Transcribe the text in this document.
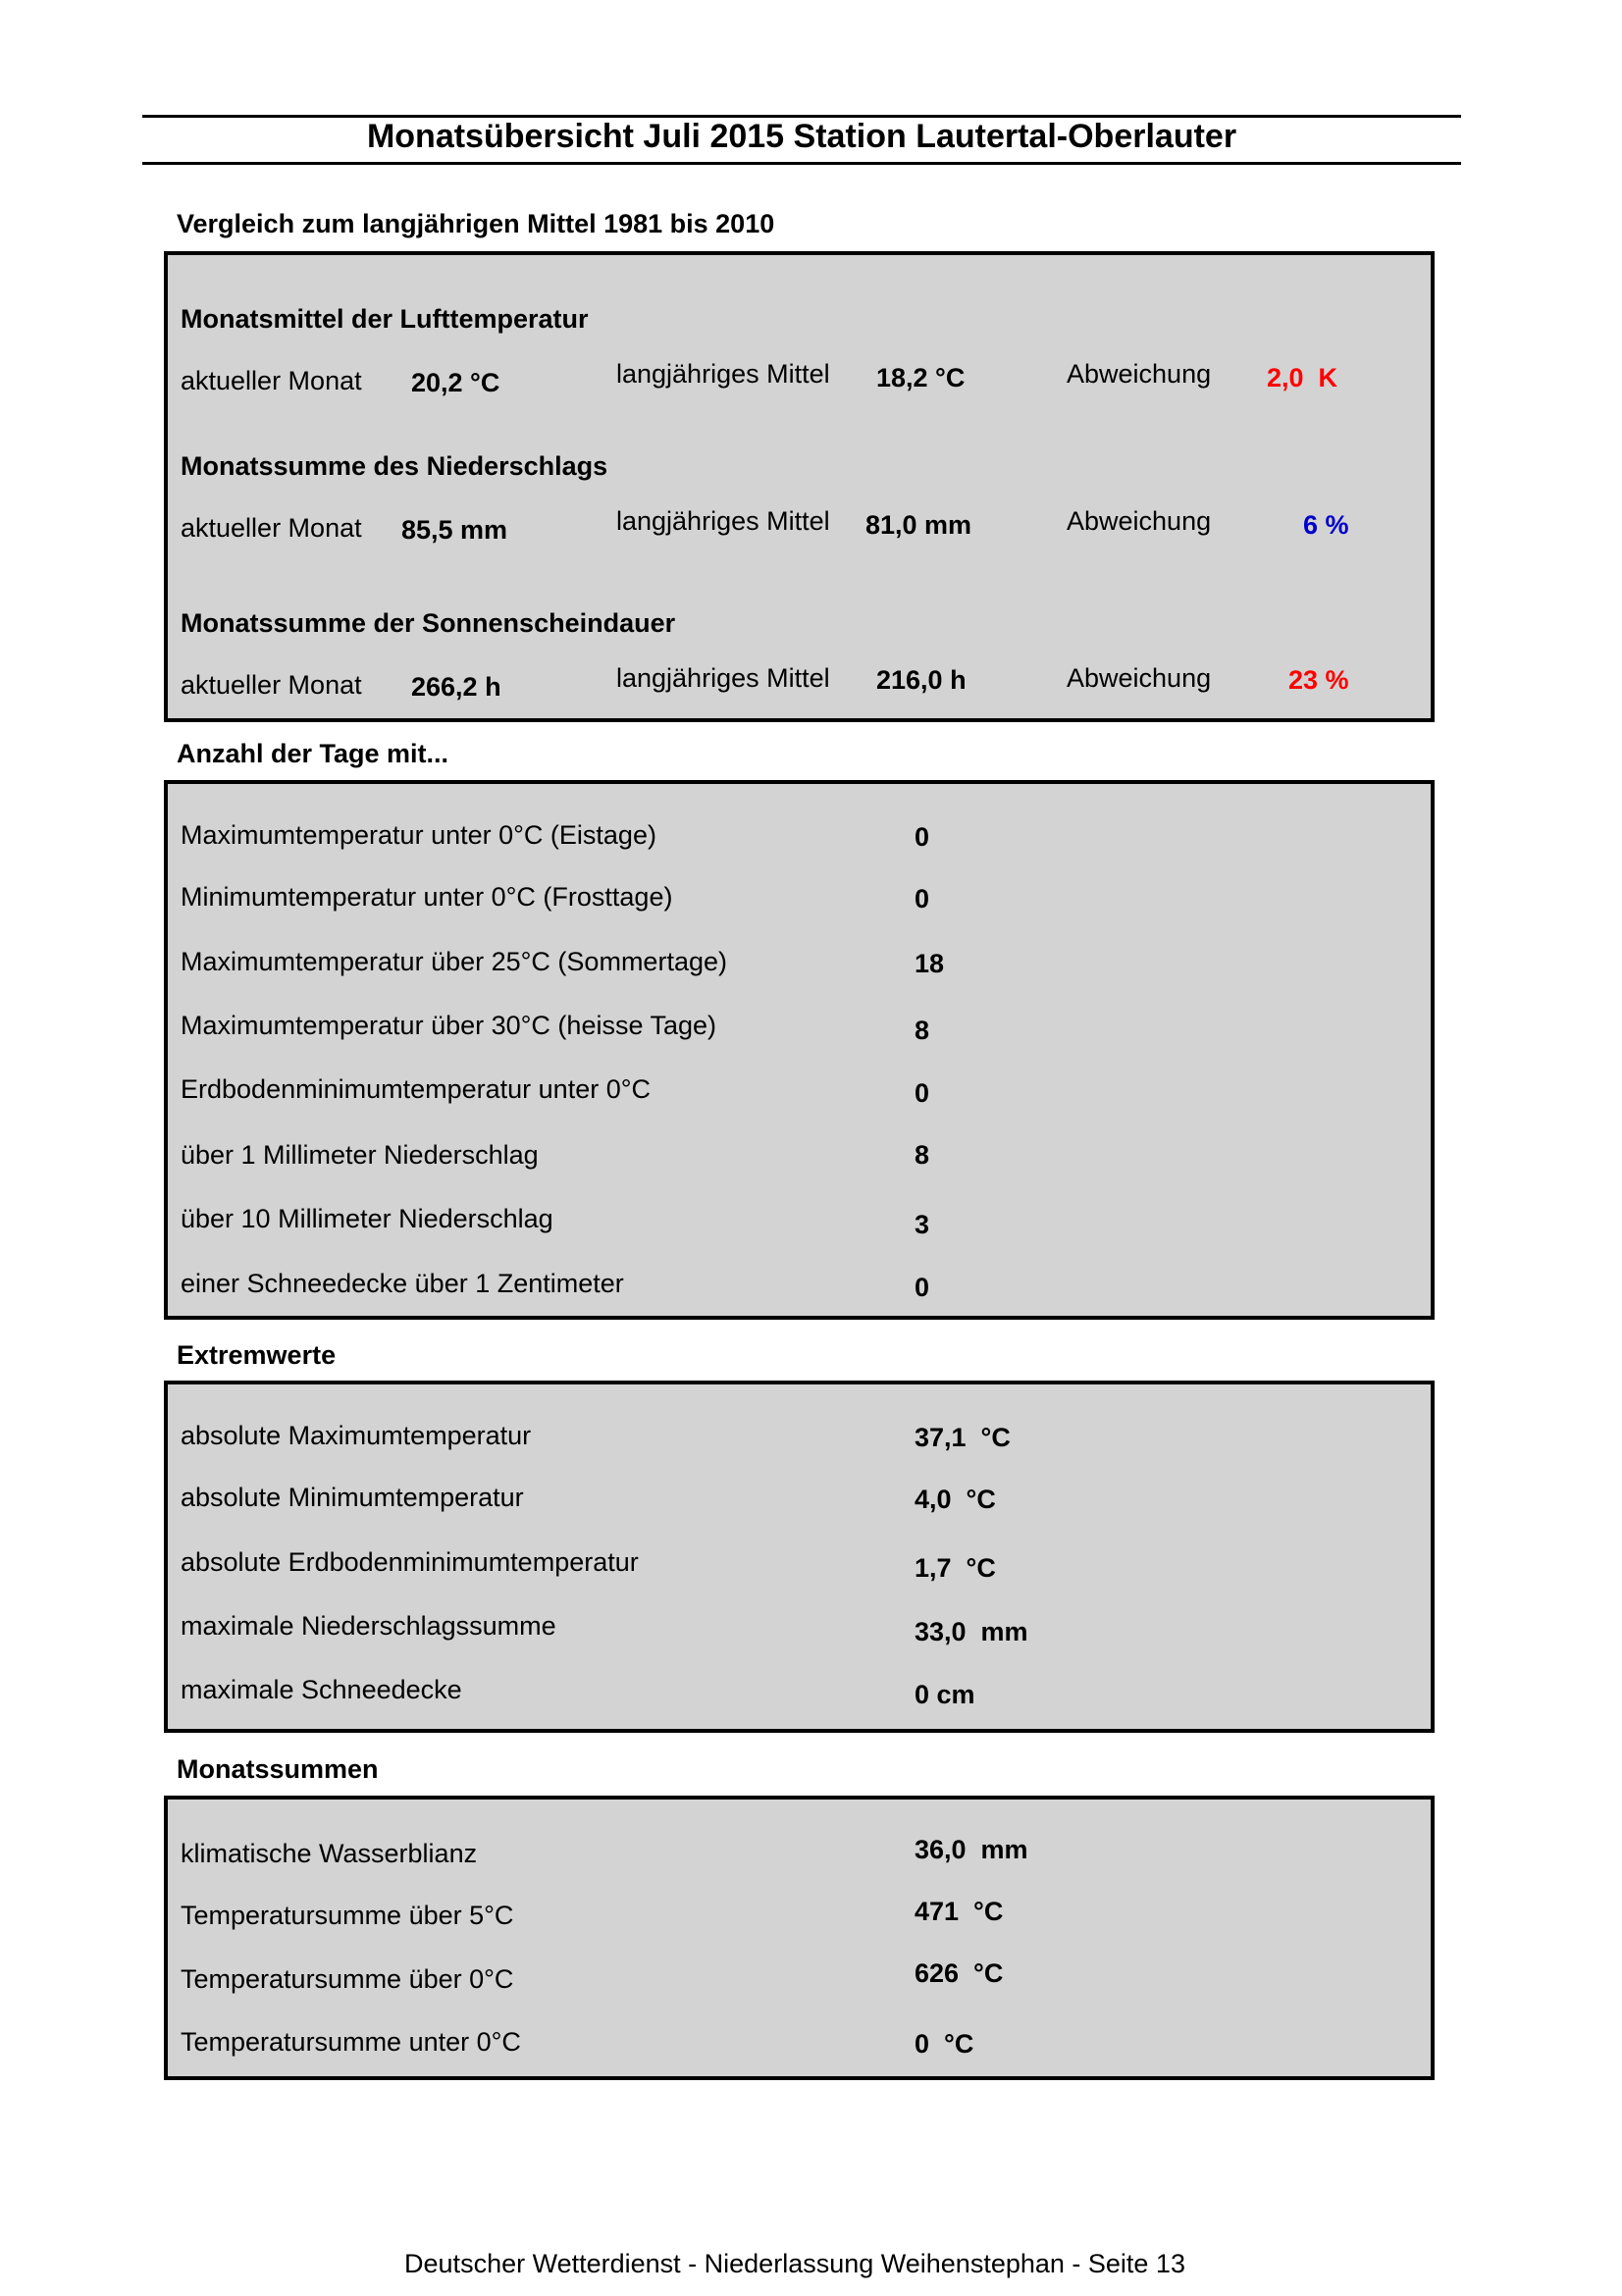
Monatsübersicht Juli 2015 Station Lautertal-Oberlauter
Vergleich zum langjährigen Mittel 1981 bis 2010
Monatsmittel der Lufttemperatur
aktueller Monat 20,2 °C	langjähriges Mittel 18,2 °C	Abweichung 2,0  K
Monatssumme des Niederschlags
aktueller Monat 85,5 mm	langjähriges Mittel 81,0 mm	Abweichung	6 %
Monatssumme der Sonnenscheindauer
aktueller Monat 266,2 h	langjähriges Mittel 216,0 h	Abweichung	23 %
Anzahl der Tage mit...
Maximumtemperatur unter 0°C (Eistage)	0
Minimumtemperatur unter 0°C (Frosttage)	0
Maximumtemperatur über 25°C (Sommertage)	18
Maximumtemperatur über 30°C (heisse Tage)	8
Erdbodenminimumtemperatur unter 0°C	0
über 1 Millimeter Niederschlag	8
über 10 Millimeter Niederschlag	3
einer Schneedecke über 1 Zentimeter	0
Extremwerte
absolute Maximumtemperatur	37,1  °C
absolute Minimumtemperatur	4,0  °C
absolute Erdbodenminimumtemperatur	1,7  °C
maximale Niederschlagssumme	33,0  mm
maximale Schneedecke	0 cm
Monatssummen
klimatische Wasserblianz	36,0  mm
Temperatursumme über 5°C	471  °C
Temperatursumme über 0°C	626  °C
Temperatursumme unter 0°C	0  °C
Deutscher Wetterdienst - Niederlassung Weihenstephan - Seite 13
